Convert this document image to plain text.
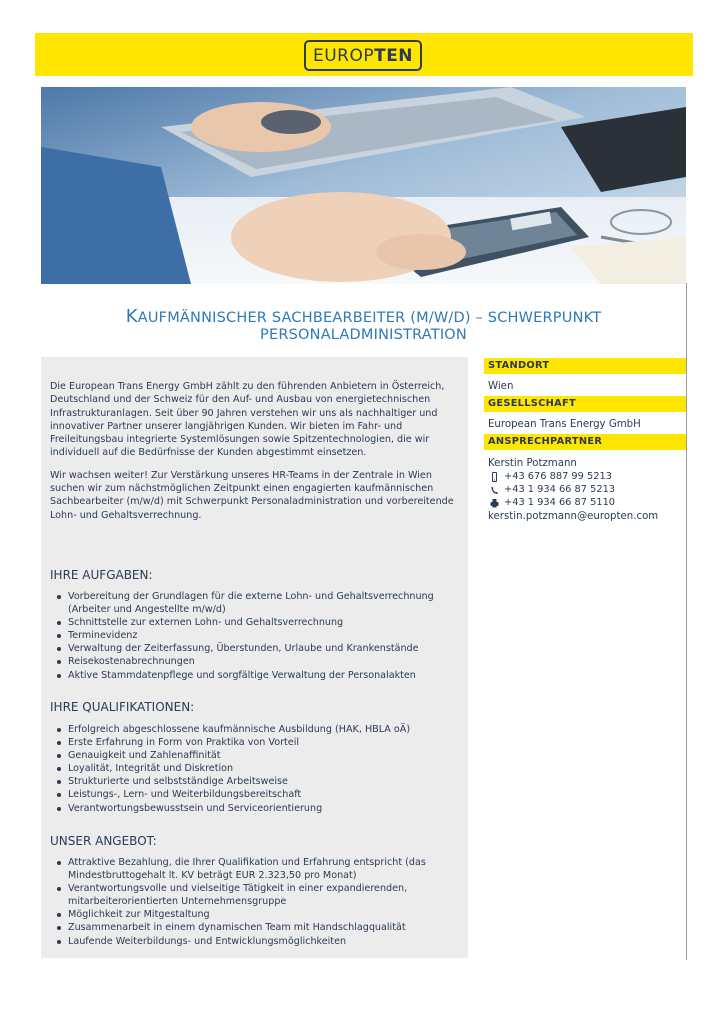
EUROP TEN
KAUFMÄNNISCHER SACHBEARBEITER (M/W/D) – SCHWERPUNKT PERSONALADMINISTRATION

Die European Trans Energy GmbH zählt zu den führenden Anbietern in Österreich, Deutschland und der Schweiz für den Auf- und Ausbau von energietechnischen Infrastrukturanlagen. Seit über 90 Jahren verstehen wir uns als nachhaltiger und innovativer Partner unserer langjährigen Kunden. Wir bieten im Fahr- und Freileitungsbau integrierte Systemlösungen sowie Spitzentechnologien, die wir individuell auf die Bedürfnisse der Kunden abgestimmt einsetzen.

Wir wachsen weiter! Zur Verstärkung unseres HR-Teams in der Zentrale in Wien suchen wir zum nächstmöglichen Zeitpunkt einen engagierten kaufmännischen Sachbearbeiter (m/w/d) mit Schwerpunkt Personaladministration und vorbereitende Lohn- und Gehaltsverrechnung.

IHRE AUFGABEN:
Vorbereitung der Grundlagen für die externe Lohn- und Gehaltsverrechnung (Arbeiter und Angestellte m/w/d)
Schnittstelle zur externen Lohn- und Gehaltsverrechnung
Terminevidenz
Verwaltung der Zeiterfassung, Überstunden, Urlaube und Krankenstände
Reisekostenabrechnungen
Aktive Stammdatenpflege und sorgfältige Verwaltung der Personalakten
IHRE QUALIFIKATIONEN:
Erfolgreich abgeschlossene kaufmännische Ausbildung (HAK, HBLA oÄ)
Erste Erfahrung in Form von Praktika von Vorteil
Genauigkeit und Zahlenaffinität
Loyalität, Integrität und Diskretion
Strukturierte und selbstständige Arbeitsweise
Leistungs-, Lern- und Weiterbildungsbereitschaft
Verantwortungsbewusstsein und Serviceorientierung
UNSER ANGEBOT:
Attraktive Bezahlung, die Ihrer Qualifikation und Erfahrung entspricht (das Mindestbruttogehalt lt. KV beträgt EUR 2.323,50 pro Monat)
Verantwortungsvolle und vielseitige Tätigkeit in einer expandierenden, mitarbeiterorientierten Unternehmensgruppe
Möglichkeit zur Mitgestaltung
Zusammenarbeit in einem dynamischen Team mit Handschlagqualität
Laufende Weiterbildungs- und Entwicklungsmöglichkeiten
STANDORT
Wien
GESELLSCHAFT
European Trans Energy GmbH
ANSPRECHPARTNER
Kerstin Potzmann
+43 676 887 99 5213
+43 1 934 66 87 5213
+43 1 934 66 87 5110
kerstin.potzmann@europten.com
